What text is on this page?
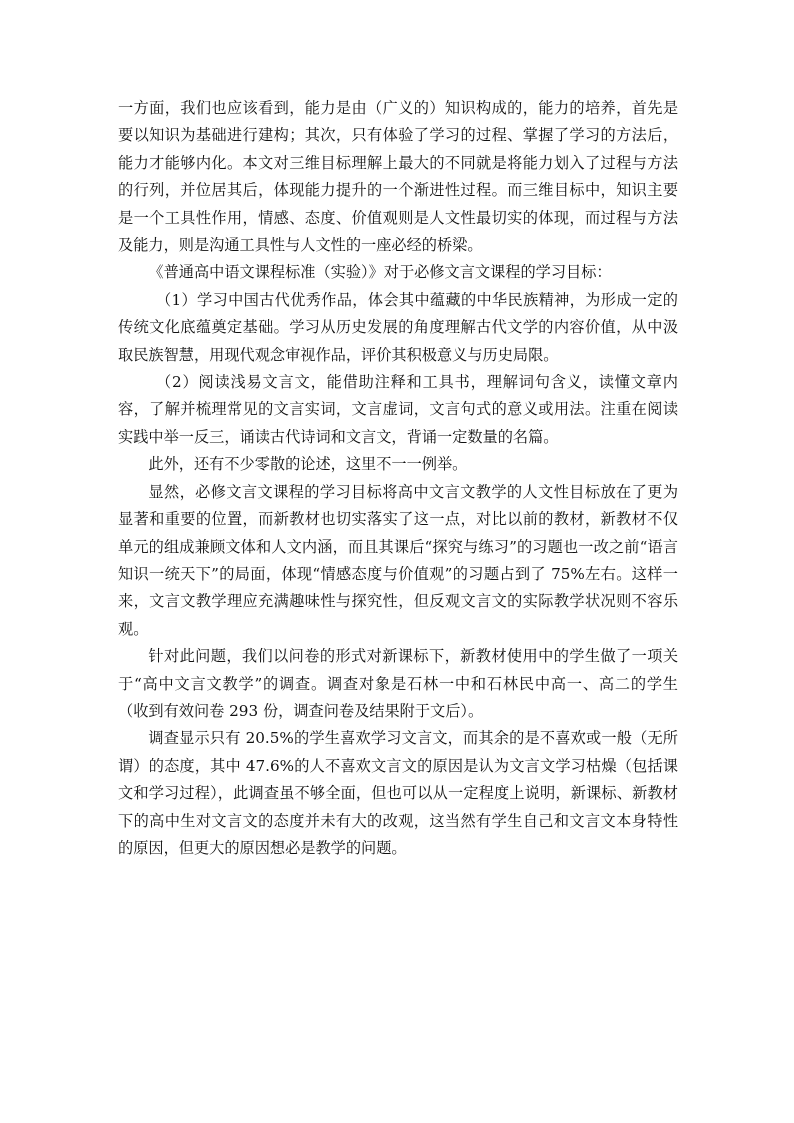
一方面，我们也应该看到，能力是由（广义的）知识构成的，能力的培养，首先是要以知识为基础进行建构；其次，只有体验了学习的过程、掌握了学习的方法后，能力才能够内化。本文对三维目标理解上最大的不同就是将能力划入了过程与方法的行列，并位居其后，体现能力提升的一个渐进性过程。而三维目标中，知识主要是一个工具性作用，情感、态度、价值观则是人文性最切实的体现，而过程与方法及能力，则是沟通工具性与人文性的一座必经的桥梁。

《普通高中语文课程标准（实验）》对于必修文言文课程的学习目标：

（1）学习中国古代优秀作品，体会其中蕴藏的中华民族精神，为形成一定的传统文化底蕴奠定基础。学习从历史发展的角度理解古代文学的内容价值，从中汲取民族智慧，用现代观念审视作品，评价其积极意义与历史局限。

（2）阅读浅易文言文，能借助注释和工具书，理解词句含义，读懂文章内容，了解并梳理常见的文言实词，文言虚词，文言句式的意义或用法。注重在阅读实践中举一反三，诵读古代诗词和文言文，背诵一定数量的名篇。

此外，还有不少零散的论述，这里不一一例举。

显然，必修文言文课程的学习目标将高中文言文教学的人文性目标放在了更为显著和重要的位置，而新教材也切实落实了这一点，对比以前的教材，新教材不仅单元的组成兼顾文体和人文内涵，而且其课后“探究与练习”的习题也一改之前“语言知识一统天下”的局面，体现“情感态度与价值观”的习题占到了 75%左右。这样一来，文言文教学理应充满趣味性与探究性，但反观文言文的实际教学状况则不容乐观。

针对此问题，我们以问卷的形式对新课标下，新教材使用中的学生做了一项关于“高中文言文教学”的调查。调查对象是石林一中和石林民中高一、高二的学生（收到有效问卷 293 份，调查问卷及结果附于文后）。

调查显示只有 20.5%的学生喜欢学习文言文，而其余的是不喜欢或一般（无所谓）的态度，其中 47.6%的人不喜欢文言文的原因是认为文言文学习枯燥（包括课文和学习过程），此调查虽不够全面，但也可以从一定程度上说明，新课标、新教材下的高中生对文言文的态度并未有大的改观，这当然有学生自己和文言文本身特性的原因，但更大的原因想必是教学的问题。
